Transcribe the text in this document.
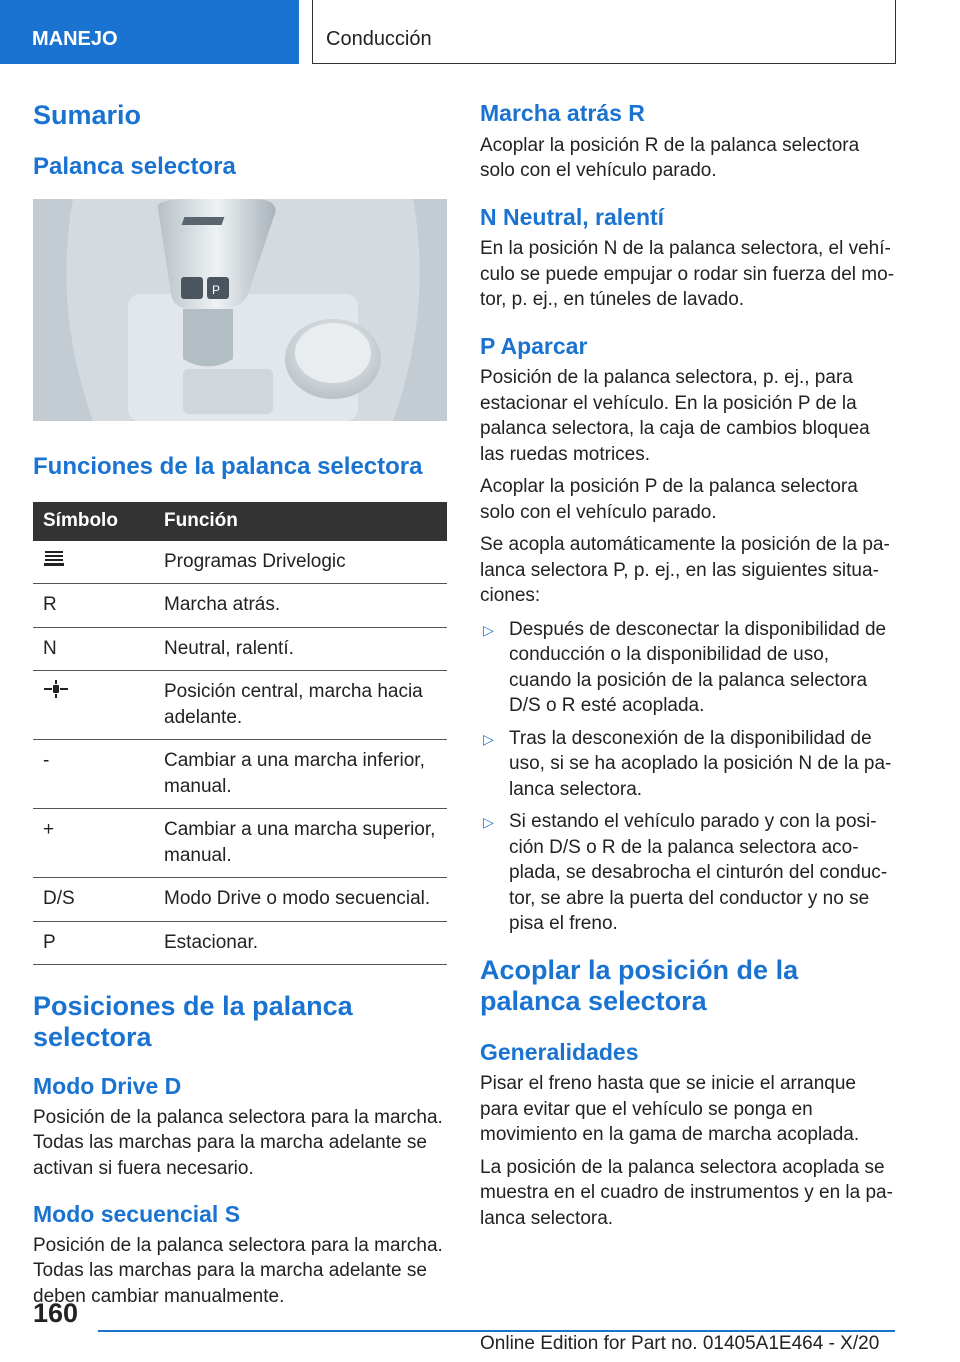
MANEJO	Conducción
Sumario
Palanca selectora
P
Funciones de la palanca selectora
Símbolo	Función
	Programas Drivelogic
R	Marcha atrás.
N	Neutral, ralentí.
	Posición central, marcha hacia adelante.
-	Cambiar a una marcha inferior, manual.
+	Cambiar a una marcha superior, manual.
D/S	Modo Drive o modo secuencial.
P	Estacionar.
Posiciones de la palanca selectora
Modo Drive D

Posición de la palanca selectora para la marcha. Todas las marchas para la marcha adelante se activan si fuera necesario.

Modo secuencial S

Posición de la palanca selectora para la marcha. Todas las marchas para la marcha adelante se deben cambiar manualmente.

Marcha atrás R

Acoplar la posición R de la palanca selectora solo con el vehículo parado.

N Neutral, ralentí

En la posición N de la palanca selectora, el vehículo se puede empujar o rodar sin fuerza del motor, p. ej., en túneles de lavado.

P Aparcar

Posición de la palanca selectora, p. ej., para estacionar el vehículo. En la posición P de la palanca selectora, la caja de cambios bloquea las ruedas motrices.

Acoplar la posición P de la palanca selectora solo con el vehículo parado.

Se acopla automáticamente la posición de la palanca selectora P, p. ej., en las siguientes situaciones:

▷ Después de desconectar la disponibilidad de conducción o la disponibilidad de uso, cuando la posición de la palanca selectora D/S o R esté acoplada.
▷ Tras la desconexión de la disponibilidad de uso, si se ha acoplado la posición N de la palanca selectora.
▷ Si estando el vehículo parado y con la posición D/S o R de la palanca selectora acoplada, se desabrocha el cinturón del conductor, se abre la puerta del conductor y no se pisa el freno.
Acoplar la posición de la palanca selectora
Generalidades

Pisar el freno hasta que se inicie el arranque para evitar que el vehículo se ponga en movimiento en la gama de marcha acoplada.

La posición de la palanca selectora acoplada se muestra en el cuadro de instrumentos y en la palanca selectora.

160
Online Edition for Part no. 01405A1E464 - X/20
